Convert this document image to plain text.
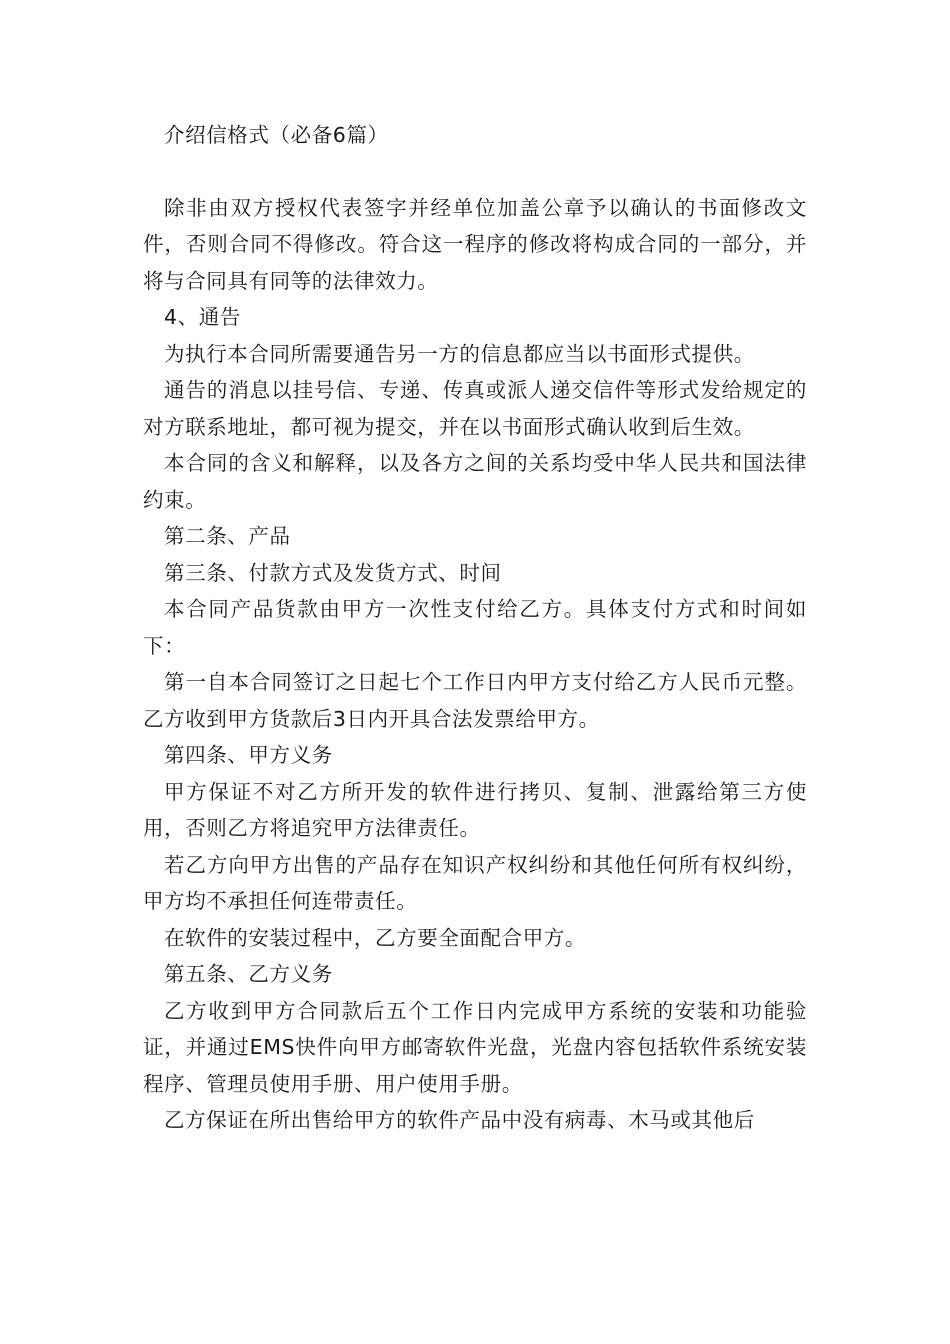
介绍信格式（必备6篇）

除非由双方授权代表签字并经单位加盖公章予以确认的书面修改文件，否则合同不得修改。符合这一程序的修改将构成合同的一部分，并将与合同具有同等的法律效力。

4、通告

为执行本合同所需要通告另一方的信息都应当以书面形式提供。

通告的消息以挂号信、专递、传真或派人递交信件等形式发给规定的对方联系地址，都可视为提交，并在以书面形式确认收到后生效。

本合同的含义和解释，以及各方之间的关系均受中华人民共和国法律约束。

第二条、产品

第三条、付款方式及发货方式、时间

本合同产品货款由甲方一次性支付给乙方。具体支付方式和时间如下：

第一自本合同签订之日起七个工作日内甲方支付给乙方人民币元整。乙方收到甲方货款后3日内开具合法发票给甲方。

第四条、甲方义务

甲方保证不对乙方所开发的软件进行拷贝、复制、泄露给第三方使用，否则乙方将追究甲方法律责任。

若乙方向甲方出售的产品存在知识产权纠纷和其他任何所有权纠纷，甲方均不承担任何连带责任。

在软件的安装过程中，乙方要全面配合甲方。

第五条、乙方义务

乙方收到甲方合同款后五个工作日内完成甲方系统的安装和功能验证，并通过EMS快件向甲方邮寄软件光盘，光盘内容包括软件系统安装程序、管理员使用手册、用户使用手册。

乙方保证在所出售给甲方的软件产品中没有病毒、木马或其他后
